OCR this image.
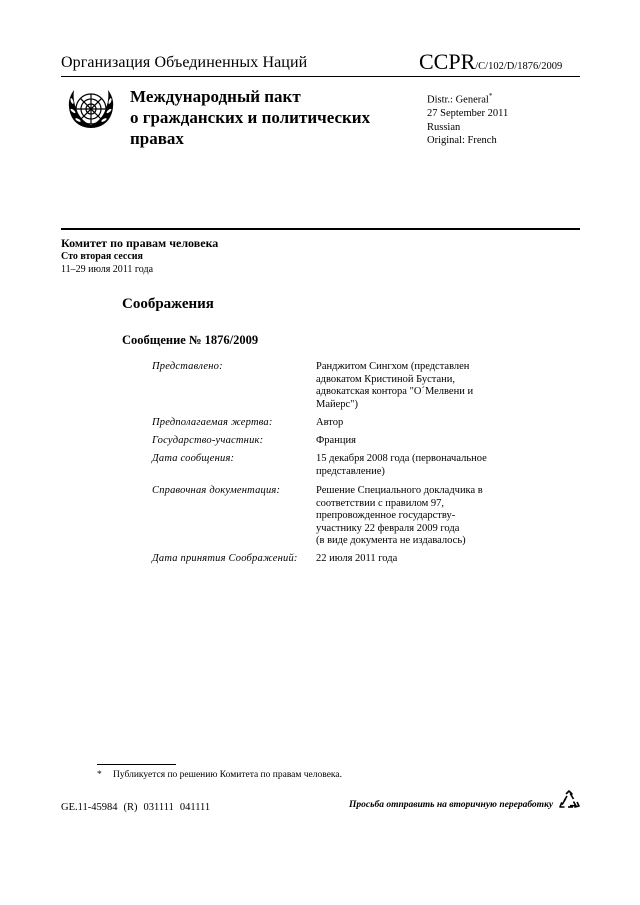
Организация Объединенных Наций	CCPR/C/102/D/1876/2009
Международный пакт
о гражданских и политических
правах
Distr.: General*
27 September 2011
Russian
Original: French
Комитет по правам человека
Сто вторая сессия
11–29 июля 2011 года
Соображения
Сообщение № 1876/2009
Представлено:	Ранджитом Сингхом (представлен
адвокатом Кристиной Бустани,
адвокатская контора "О´Мелвени и
Майерс")
Предполагаемая жертва:	Автор
Государство-участник:	Франция
Дата сообщения:	15 декабря 2008 года (первоначальное
представление)
Справочная документация:	Решение Специального докладчика в
соответствии с правилом 97,
препровожденное государству-
участнику 22 февраля 2009 года
(в виде документа не издавалось)
Дата принятия Соображений: 22 июля 2011 года
* Публикуется по решению Комитета по правам человека.
GE.11-45984 (R) 031111 041111	Просьба отправить на вторичную переработку
